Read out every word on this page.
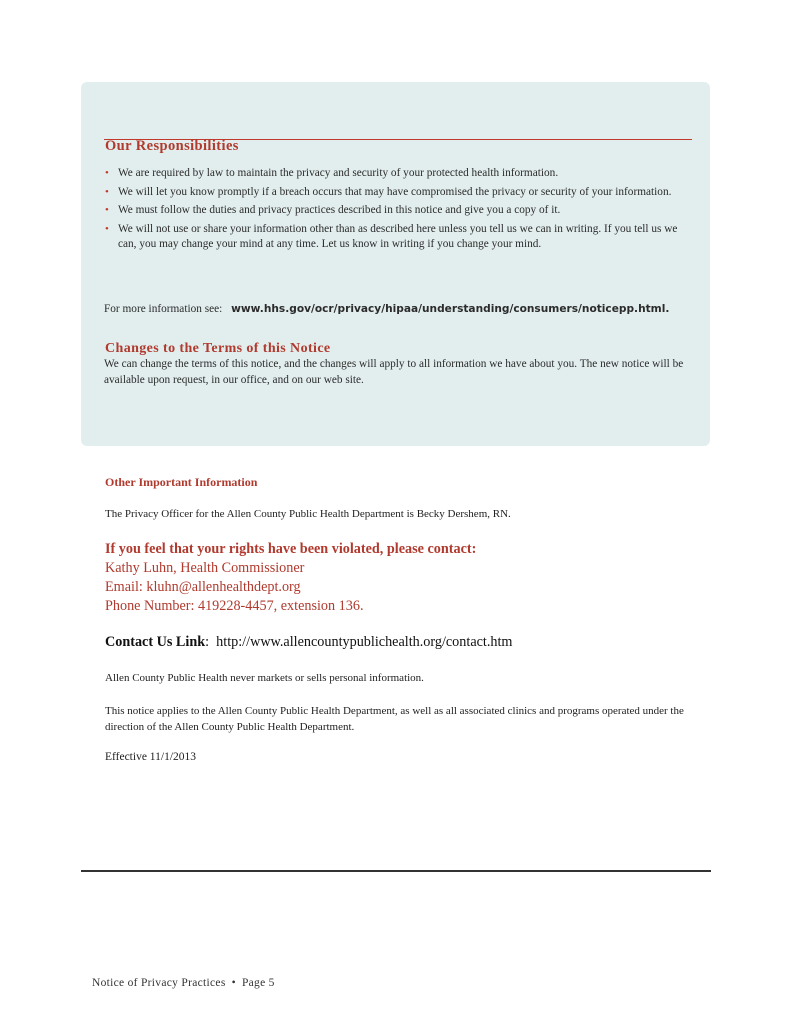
Our Responsibilities
• We are required by law to maintain the privacy and security of your protected health information.
• We will let you know promptly if a breach occurs that may have compromised the privacy or security of your information.
• We must follow the duties and privacy practices described in this notice and give you a copy of it.
• We will not use or share your information other than as described here unless you tell us we can in writing. If you tell us we can, you may change your mind at any time. Let us know in writing if you change your mind.

For more information see: www.hhs.gov/ocr/privacy/hipaa/understanding/consumers/noticepp.html.

Changes to the Terms of this Notice

We can change the terms of this notice, and the changes will apply to all information we have about you. The new notice will be available upon request, in our office, and on our web site.

Other Important Information

The Privacy Officer for the Allen County Public Health Department is Becky Dershem, RN.

If you feel that your rights have been violated, please contact:
Kathy Luhn, Health Commissioner
Email: kluhn@allenhealthdept.org
Phone Number: 419228-4457, extension 136.

Contact Us Link:  http://www.allencountypublichealth.org/contact.htm

Allen County Public Health never markets or sells personal information.

This notice applies to the Allen County Public Health Department, as well as all associated clinics and programs operated under the direction of the Allen County Public Health Department.

Effective 11/1/2013

Notice of Privacy Practices • Page 5
